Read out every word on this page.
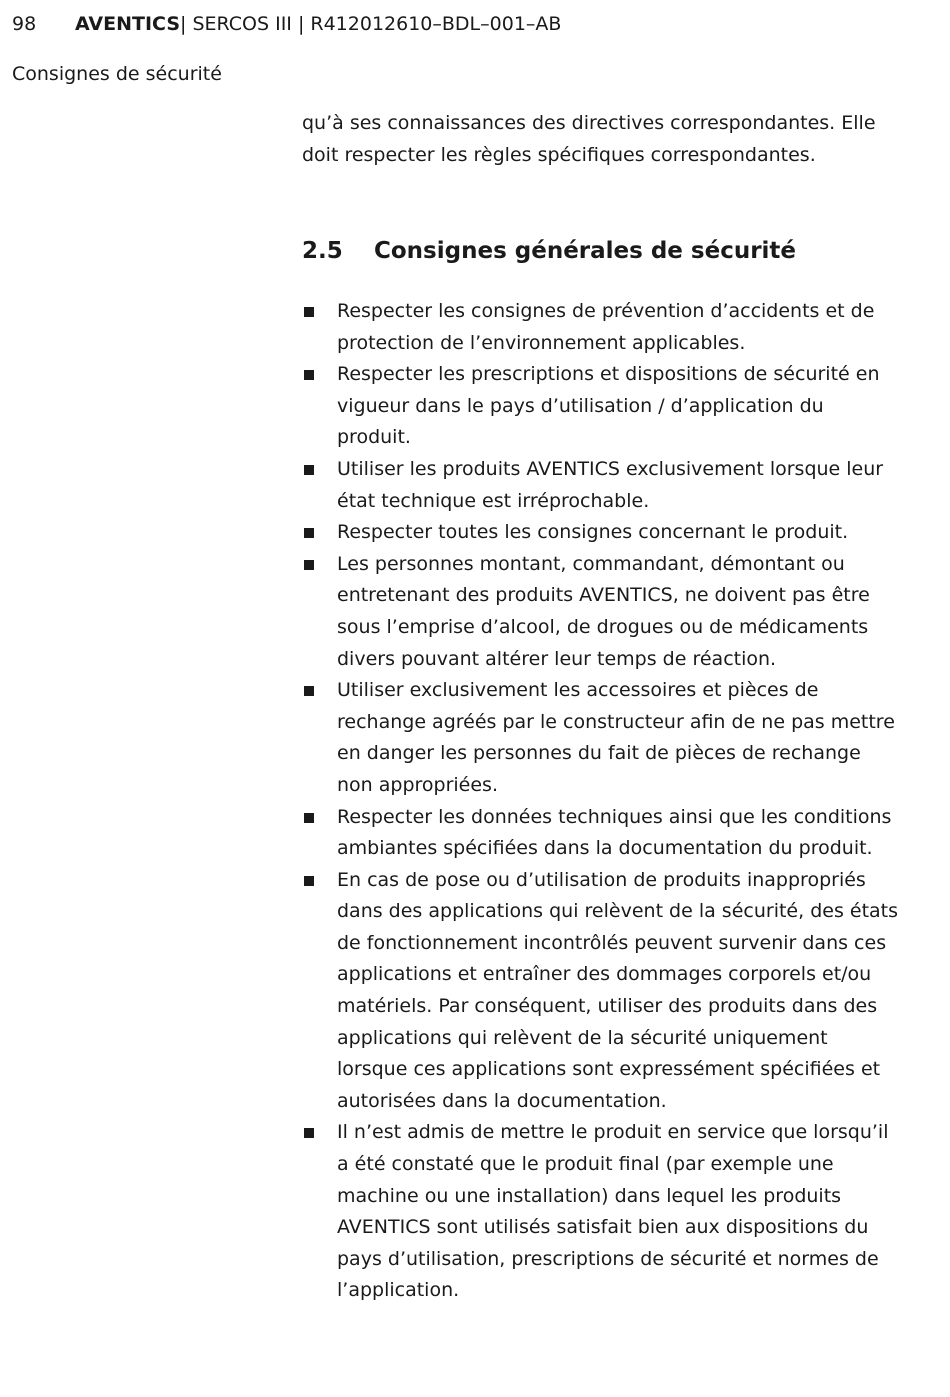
98	AVENTICS | SERCOS III | R412012610–BDL–001–AB
Consignes de sécurité

qu’à ses connaissances des directives correspondantes. Elle doit respecter les règles spécifiques correspondantes.

2.5	Consignes générales de sécurité
Respecter les consignes de prévention d’accidents et de protection de l’environnement applicables.
Respecter les prescriptions et dispositions de sécurité en vigueur dans le pays d’utilisation / d’application du produit.
Utiliser les produits AVENTICS exclusivement lorsque leur état technique est irréprochable.
Respecter toutes les consignes concernant le produit.
Les personnes montant, commandant, démontant ou entretenant des produits AVENTICS, ne doivent pas être sous l’emprise d’alcool, de drogues ou de médicaments divers pouvant altérer leur temps de réaction.
Utiliser exclusivement les accessoires et pièces de rechange agréés par le constructeur afin de ne pas mettre en danger les personnes du fait de pièces de rechange non appropriées.
Respecter les données techniques ainsi que les conditions ambiantes spécifiées dans la documentation du produit.
En cas de pose ou d’utilisation de produits inappropriés dans des applications qui relèvent de la sécurité, des états de fonctionnement incontrôlés peuvent survenir dans ces applications et entraîner des dommages corporels et/ou matériels. Par conséquent, utiliser des produits dans des applications qui relèvent de la sécurité uniquement lorsque ces applications sont expressément spécifiées et autorisées dans la documentation.
Il n’est admis de mettre le produit en service que lorsqu’il a été constaté que le produit final (par exemple une machine ou une installation) dans lequel les produits AVENTICS sont utilisés satisfait bien aux dispositions du pays d’utilisation, prescriptions de sécurité et normes de l’application.
